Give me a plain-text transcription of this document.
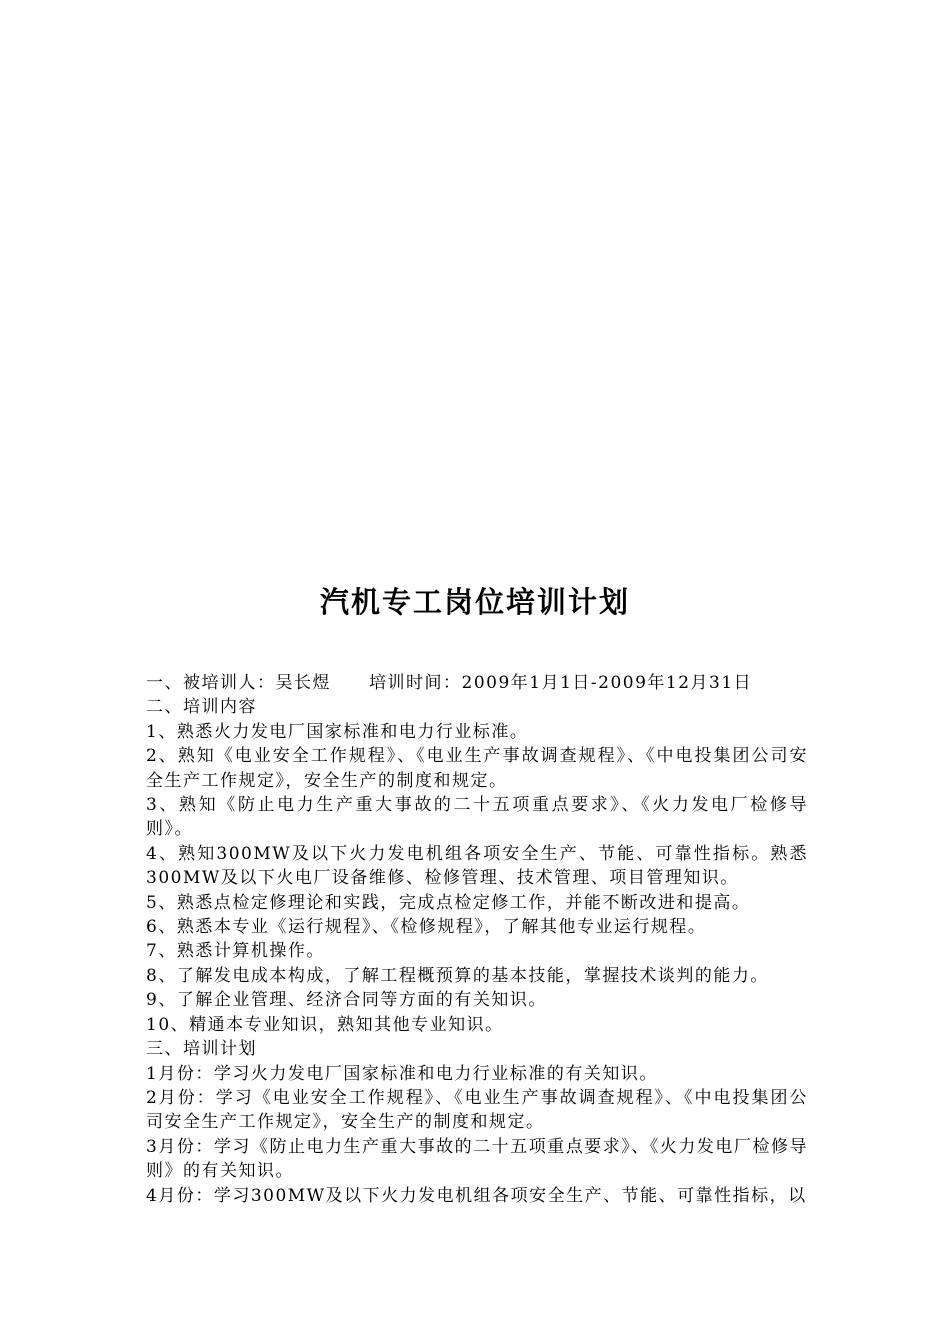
汽机专工岗位培训计划
一、被培训人：吴长煜 培训时间：2009年1月1日-2009年12月31日
二、培训内容
1、熟悉火力发电厂国家标准和电力行业标准。
2、熟知《电业安全工作规程》、《电业生产事故调查规程》、《中电投集团公司安全生产工作规定》，安全生产的制度和规定。
3、熟知《防止电力生产重大事故的二十五项重点要求》、《火力发电厂检修导则》。
4、熟知300MW及以下火力发电机组各项安全生产、节能、可靠性指标。熟悉300MW及以下火电厂设备维修、检修管理、技术管理、项目管理知识。
5、熟悉点检定修理论和实践，完成点检定修工作，并能不断改进和提高。
6、熟悉本专业《运行规程》、《检修规程》，了解其他专业运行规程。
7、熟悉计算机操作。
8、了解发电成本构成，了解工程概预算的基本技能，掌握技术谈判的能力。
9、了解企业管理、经济合同等方面的有关知识。
10、精通本专业知识，熟知其他专业知识。
三、培训计划
1月份：学习火力发电厂国家标准和电力行业标准的有关知识。
2月份：学习《电业安全工作规程》、《电业生产事故调查规程》、《中电投集团公司安全生产工作规定》，安全生产的制度和规定。
3月份：学习《防止电力生产重大事故的二十五项重点要求》、《火力发电厂检修导则》的有关知识。
4月份：学习300MW及以下火力发电机组各项安全生产、节能、可靠性指标，以
